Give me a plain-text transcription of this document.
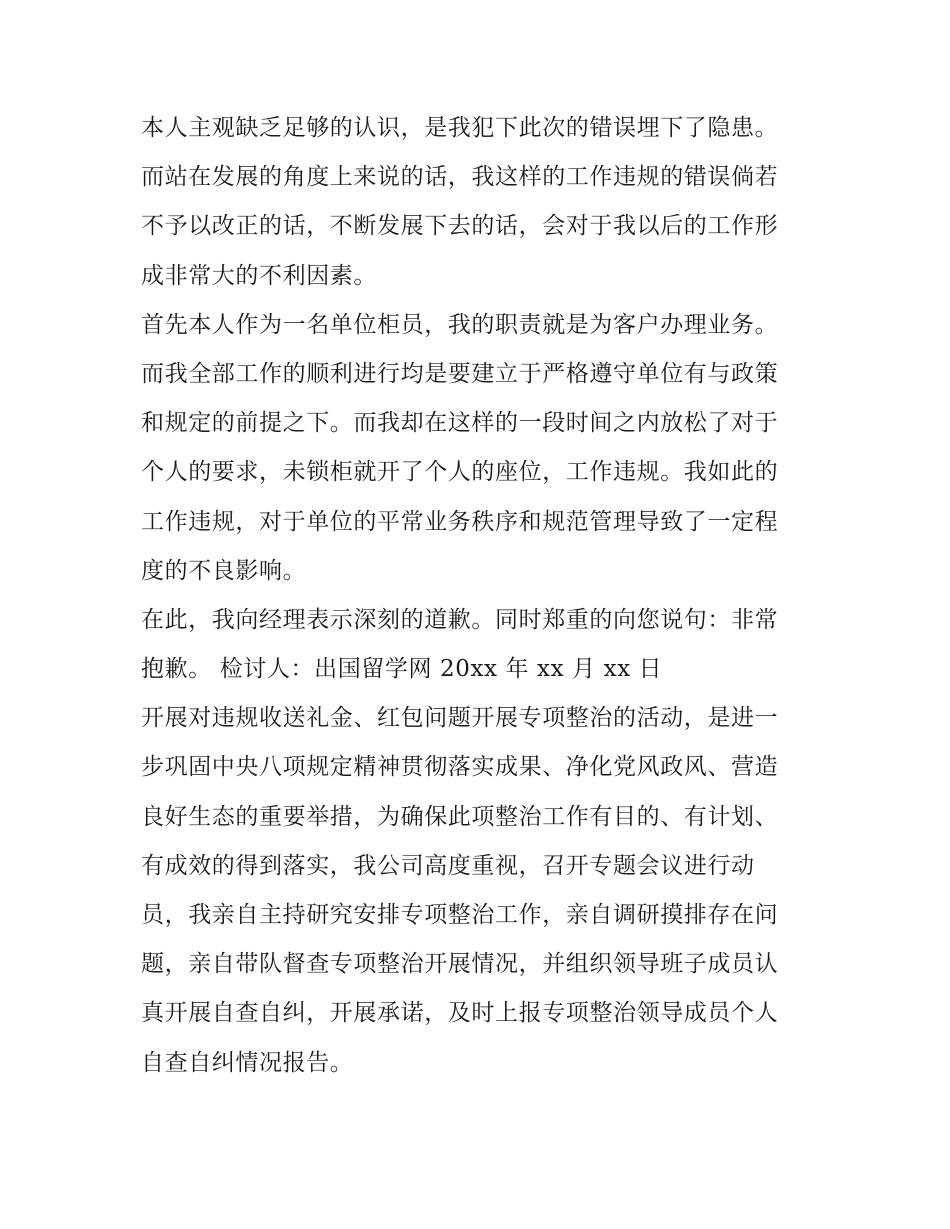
本人主观缺乏足够的认识，是我犯下此次的错误埋下了隐患。
而站在发展的角度上来说的话，我这样的工作违规的错误倘若
不予以改正的话，不断发展下去的话，会对于我以后的工作形
成非常大的不利因素。
首先本人作为一名单位柜员，我的职责就是为客户办理业务。
而我全部工作的顺利进行均是要建立于严格遵守单位有与政策
和规定的前提之下。而我却在这样的一段时间之内放松了对于
个人的要求，未锁柜就开了个人的座位，工作违规。我如此的
工作违规，对于单位的平常业务秩序和规范管理导致了一定程
度的不良影响。
在此，我向经理表示深刻的道歉。同时郑重的向您说句：非常
抱歉。 检讨人：出国留学网 20xx 年 xx 月 xx 日
开展对违规收送礼金、红包问题开展专项整治的活动，是进一
步巩固中央八项规定精神贯彻落实成果、净化党风政风、营造
良好生态的重要举措，为确保此项整治工作有目的、有计划、
有成效的得到落实，我公司高度重视，召开专题会议进行动
员，我亲自主持研究安排专项整治工作，亲自调研摸排存在问
题，亲自带队督查专项整治开展情况，并组织领导班子成员认
真开展自查自纠，开展承诺，及时上报专项整治领导成员个人
自查自纠情况报告。
